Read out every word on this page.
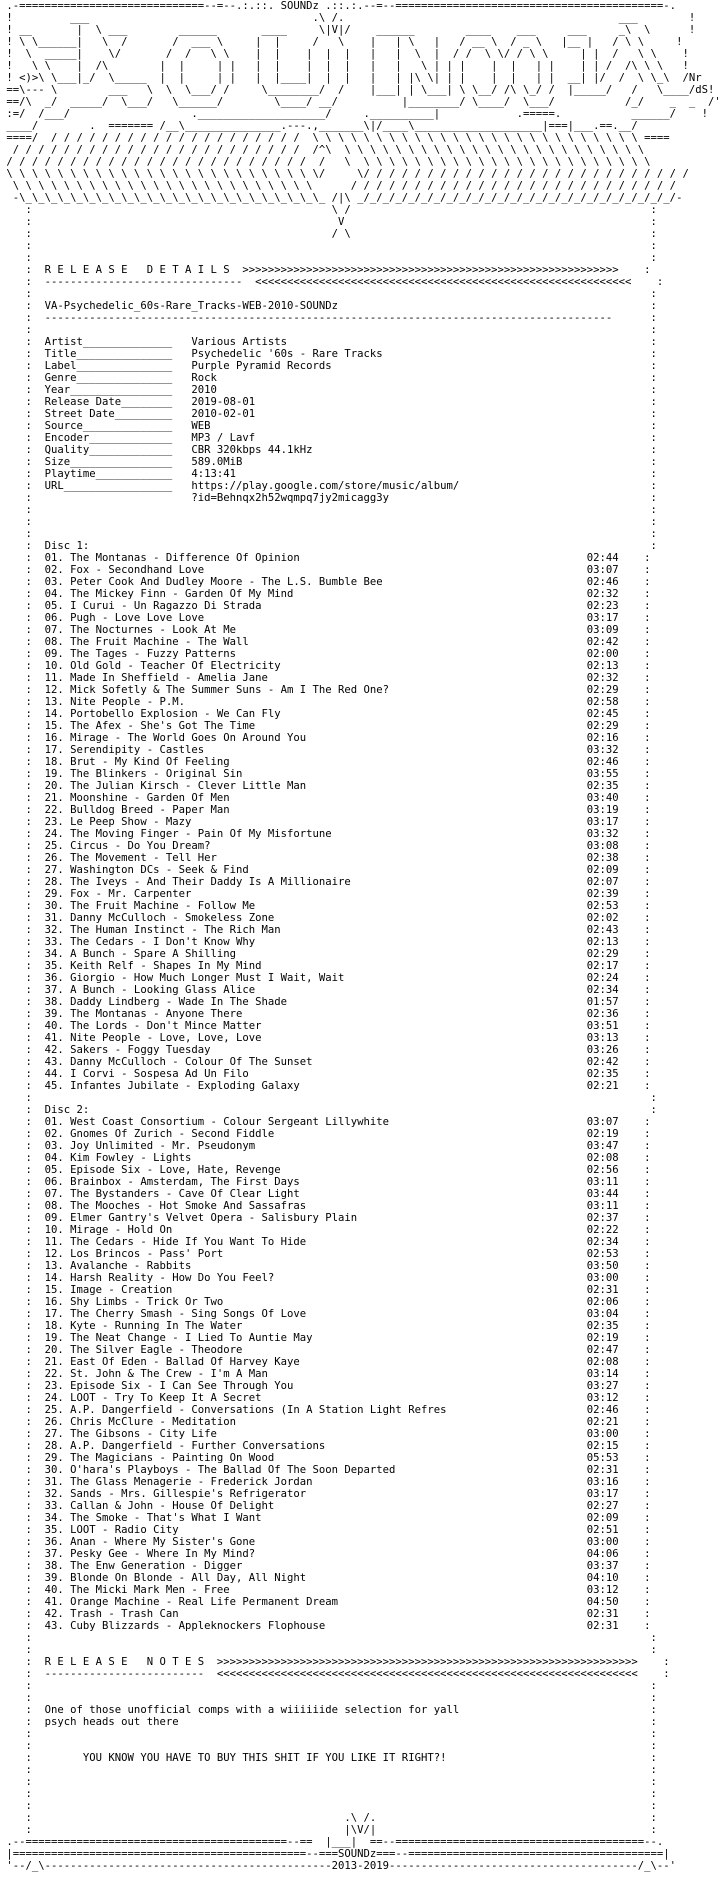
.-=============================--=--.:.::. SOUNDz .::.:.--=--==========================================-.
!         ___                                   .\ /.                                           ___        !
! __       |  \ ___        ______       ____     \|V|/    ______        ____    ___     ___     _\  \      !
! \ \______|   \  /       /  ___ \     |  |     /   \    |   | \   |   / __ \  / _ \   |__ |   / \ \     !
!  \  _____|    \/       /  /   \ \    |  |    |  |  |   |   |  \  |  / /  \ \/ / \ \     | |  /   \ \    !
!   \ \    |  /\        |  |     | |   |  |    |  |  |   |   |   \ | | |    |  |   | |    | | /  /\ \ \   !
! <)>\ \___|_/  \_____  |  |     | |   |  |____|  |  |   |   | |\ \| | |    |  |   | |  __| |/  /  \ \_\  /Nr
==\--- \        ___   \  \  \___/ /     \________/  /    |___| | \___| \ \__/ /\ \_/ /  |_____/   /   \____/dS!
==/\  _/  _____/  \___/   \______/        \____/ __/          |________/ \____/  \___/           /_/    _  _  /'
:=/  /___/                   .____________________/     .__________|            .=====.           ______/    !
____/        .  ======= /__\_______________.---.,_______\|/____\____________________|===|___.==.__/
====/  / / / / / / / / / / / / / / / / / / / /  \ \ \ \ \ \ \ \ \ \ \ \ \ \ \ \ \ \ \ \ \ \ \ \ \ \ ====
/ / / / / / / / / / / / / / / / / / / / / / /  /^\  \ \ \ \ \ \ \ \ \ \ \ \ \ \ \ \ \ \ \ \ \ \ \ \
/ / / / / / / / / / / / / / / / / / / / / / / /  /   \  \ \ \ \ \ \ \ \ \ \ \ \ \ \ \ \ \ \ \ \ \ \ \
\ \ \ \ \ \ \ \ \ \ \ \ \ \ \ \ \ \ \ \ \ \ \ \ \/     \/ / / / / / / / / / / / / / / / / / / / / / / / / /
\ \ \ \ \ \ \ \ \ \ \ \ \ \ \ \ \ \ \ \ \ \ \ \      / / / / / / / / / / / / / / / / / / / / / / / / / /
-\_\_\_\_\_\_\_\_\_\_\_\_\_\_\_\_\_\_\_\_\_\_\_\_ /|\ _/_/_/_/_/_/_/_/_/_/_/_/_/_/_/_/_/_/_/_/_/_/_/_/_/-
:                                               \ /                                               :
:                                                V                                                :
:                                               / \                                               :
:                                                                                                 :
:                                                                                                 :
:  R E L E A S E   D E T A I L S  >>>>>>>>>>>>>>>>>>>>>>>>>>>>>>>>>>>>>>>>>>>>>>>>>>>>>>>>>>>    :
:  -------------------------------  <<<<<<<<<<<<<<<<<<<<<<<<<<<<<<<<<<<<<<<<<<<<<<<<<<<<<<<<<<<    :
:                                                                                                 :
:  VA-Psychedelic_60s-Rare_Tracks-WEB-2010-SOUNDz                                                 :
:  -----------------------------------------------------------------------------------------      :
:                                                                                                 :
:  Artist______________   Various Artists                                                         :
:  Title_______________   Psychedelic '60s - Rare Tracks                                          :
:  Label_______________   Purple Pyramid Records                                                  :
:  Genre_______________   Rock                                                                    :
:  Year________________   2010                                                                    :
:  Release Date________   2019-08-01                                                              :
:  Street Date_________   2010-02-01                                                              :
:  Source______________   WEB                                                                     :
:  Encoder_____________   MP3 / Lavf                                                              :
:  Quality_____________   CBR 320kbps 44.1kHz                                                     :
:  Size________________   589.0MiB                                                                :
:  Playtime____________   4:13:41                                                                 :
:  URL_________________   https://play.google.com/store/music/album/                              :
:                         ?id=Behnqx2h52wqmpq7jy2micagg3y                                         :
:                                                                                                 :
:                                                                                                 :
:                                                                                                 :
:  Disc 1:                                                                                        :
:  01. The Montanas - Difference Of Opinion                                             02:44    :
:  02. Fox - Secondhand Love                                                            03:07    :
:  03. Peter Cook And Dudley Moore - The L.S. Bumble Bee                                02:46    :
:  04. The Mickey Finn - Garden Of My Mind                                              02:32    :
:  05. I Curui - Un Ragazzo Di Strada                                                   02:23    :
:  06. Pugh - Love Love Love                                                            03:17    :
:  07. The Nocturnes - Look At Me                                                       03:09    :
:  08. The Fruit Machine - The Wall                                                     02:42    :
:  09. The Tages - Fuzzy Patterns                                                       02:00    :
:  10. Old Gold - Teacher Of Electricity                                                02:13    :
:  11. Made In Sheffield - Amelia Jane                                                  02:32    :
:  12. Mick Sofetly & The Summer Suns - Am I The Red One?                               02:29    :
:  13. Nite People - P.M.                                                               02:58    :
:  14. Portobello Explosion - We Can Fly                                                02:45    :
:  15. The Afex - She's Got The Time                                                    02:29    :
:  16. Mirage - The World Goes On Around You                                            02:16    :
:  17. Serendipity - Castles                                                            03:32    :
:  18. Brut - My Kind Of Feeling                                                        02:46    :
:  19. The Blinkers - Original Sin                                                      03:55    :
:  20. The Julian Kirsch - Clever Little Man                                            02:35    :
:  21. Moonshine - Garden Of Men                                                        03:40    :
:  22. Bulldog Breed - Paper Man                                                        03:19    :
:  23. Le Peep Show - Mazy                                                              03:17    :
:  24. The Moving Finger - Pain Of My Misfortune                                        03:32    :
:  25. Circus - Do You Dream?                                                           03:08    :
:  26. The Movement - Tell Her                                                          02:38    :
:  27. Washington DCs - Seek & Find                                                     02:09    :
:  28. The Iveys - And Their Daddy Is A Millionaire                                     02:07    :
:  29. Fox - Mr. Carpenter                                                              02:39    :
:  30. The Fruit Machine - Follow Me                                                    02:53    :
:  31. Danny McCulloch - Smokeless Zone                                                 02:02    :
:  32. The Human Instinct - The Rich Man                                                02:43    :
:  33. The Cedars - I Don't Know Why                                                    02:13    :
:  34. A Bunch - Spare A Shilling                                                       02:29    :
:  35. Keith Relf - Shapes In My Mind                                                   02:17    :
:  36. Giorgio - How Much Longer Must I Wait, Wait                                      02:24    :
:  37. A Bunch - Looking Glass Alice                                                    02:34    :
:  38. Daddy Lindberg - Wade In The Shade                                               01:57    :
:  39. The Montanas - Anyone There                                                      02:36    :
:  40. The Lords - Don't Mince Matter                                                   03:51    :
:  41. Nite People - Love, Love, Love                                                   03:13    :
:  42. Sakers - Foggy Tuesday                                                           03:26    :
:  43. Danny McCulloch - Colour Of The Sunset                                           02:42    :
:  44. I Corvi - Sospesa Ad Un Filo                                                     02:35    :
:  45. Infantes Jubilate - Exploding Galaxy                                             02:21    :
:                                                                                                 :
:  Disc 2:                                                                                        :
:  01. West Coast Consortium - Colour Sergeant Lillywhite                               03:07    :
:  02. Gnomes Of Zurich - Second Fiddle                                                 02:19    :
:  03. Joy Unlimited - Mr. Pseudonym                                                    03:47    :
:  04. Kim Fowley - Lights                                                              02:08    :
:  05. Episode Six - Love, Hate, Revenge                                                02:56    :
:  06. Brainbox - Amsterdam, The First Days                                             03:11    :
:  07. The Bystanders - Cave Of Clear Light                                             03:44    :
:  08. The Mooches - Hot Smoke And Sassafras                                            03:11    :
:  09. Elmer Gantry's Velvet Opera - Salisbury Plain                                    02:37    :
:  10. Mirage - Hold On                                                                 02:22    :
:  11. The Cedars - Hide If You Want To Hide                                            02:34    :
:  12. Los Brincos - Pass' Port                                                         02:53    :
:  13. Avalanche - Rabbits                                                              03:50    :
:  14. Harsh Reality - How Do You Feel?                                                 03:00    :
:  15. Image - Creation                                                                 02:31    :
:  16. Shy Limbs - Trick Or Two                                                         02:06    :
:  17. The Cherry Smash - Sing Songs Of Love                                            03:04    :
:  18. Kyte - Running In The Water                                                      02:35    :
:  19. The Neat Change - I Lied To Auntie May                                           02:19    :
:  20. The Silver Eagle - Theodore                                                      02:47    :
:  21. East Of Eden - Ballad Of Harvey Kaye                                             02:08    :
:  22. St. John & The Crew - I'm A Man                                                  03:14    :
:  23. Episode Six - I Can See Through You                                              03:27    :
:  24. LOOT - Try To Keep It A Secret                                                   03:12    :
:  25. A.P. Dangerfield - Conversations (In A Station Light Refres                      02:46    :
:  26. Chris McClure - Meditation                                                       02:21    :
:  27. The Gibsons - City Life                                                          03:00    :
:  28. A.P. Dangerfield - Further Conversations                                         02:15    :
:  29. The Magicians - Painting On Wood                                                 05:53    :
:  30. O'hara's Playboys - The Ballad Of The Soon Departed                              02:31    :
:  31. The Glass Menagerie - Frederick Jordan                                           03:16    :
:  32. Sands - Mrs. Gillespie's Refrigerator                                            03:17    :
:  33. Callan & John - House Of Delight                                                 02:27    :
:  34. The Smoke - That's What I Want                                                   02:09    :
:  35. LOOT - Radio City                                                                02:51    :
:  36. Anan - Where My Sister's Gone                                                    03:00    :
:  37. Pesky Gee - Where In My Mind?                                                    04:06    :
:  38. The Enw Generation - Digger                                                      03:37    :
:  39. Blonde On Blonde - All Day, All Night                                            04:10    :
:  40. The Micki Mark Men - Free                                                        03:12    :
:  41. Orange Machine - Real Life Permanent Dream                                       04:50    :
:  42. Trash - Trash Can                                                                02:31    :
:  43. Cuby Blizzards - Appleknockers Flophouse                                         02:31    :
:                                                                                                 :
:                                                                                                 :
:  R E L E A S E   N O T E S  >>>>>>>>>>>>>>>>>>>>>>>>>>>>>>>>>>>>>>>>>>>>>>>>>>>>>>>>>>>>>>>>>>    :
:  -------------------------  <<<<<<<<<<<<<<<<<<<<<<<<<<<<<<<<<<<<<<<<<<<<<<<<<<<<<<<<<<<<<<<<<<    :
:                                                                                                 :
:                                                                                                 :
:  One of those unofficial comps with a wiiiiiide selection for yall                              :
:  psych heads out there                                                                          :
:                                                                                                 :
:                                                                                                 :
:        YOU KNOW YOU HAVE TO BUY THIS SHIT IF YOU LIKE IT RIGHT?!                                :
:                                                                                                 :
:                                                                                                 :
:                                                                                                 :
:                                                                                                 :
:                                                 .\ /.                                           :
:                                                 |\V/|                                           :
.--=========================================--==  |___|  ==--=======================================--.
|==============================================--===SOUNDz===--========================================|
'--/_\---------------------------------------------2013-2019---------------------------------------/_\--'
